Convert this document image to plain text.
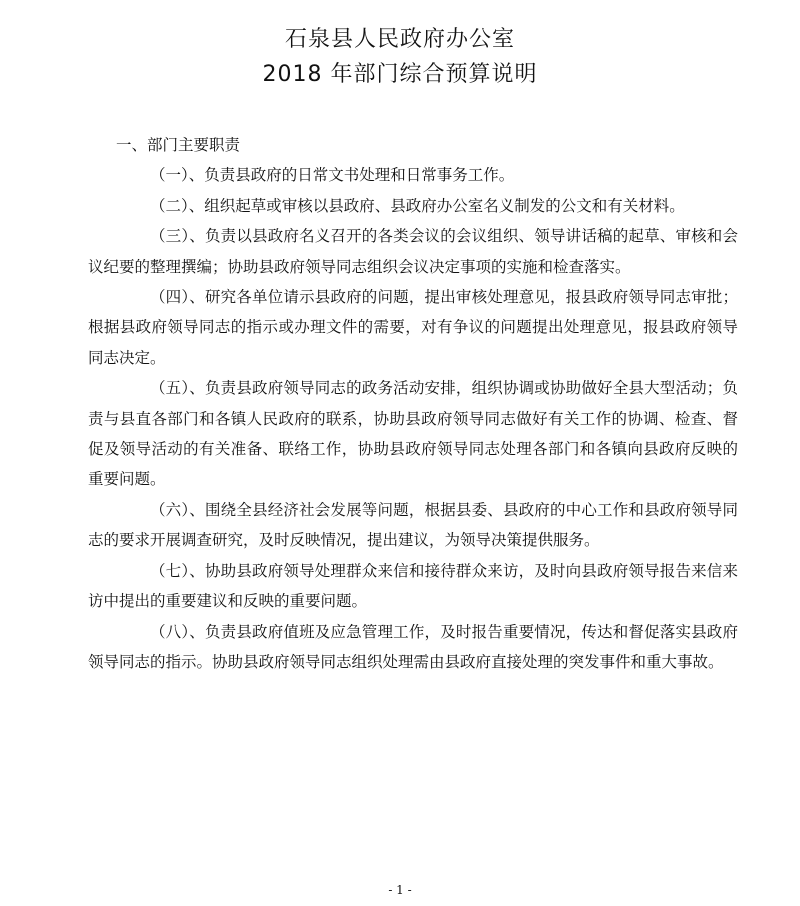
石泉县人民政府办公室
2018 年部门综合预算说明

一、部门主要职责

（一）、负责县政府的日常文书处理和日常事务工作。

（二）、组织起草或审核以县政府、县政府办公室名义制发的公文和有关材料。

（三）、负责以县政府名义召开的各类会议的会议组织、领导讲话稿的起草、审核和会议纪要的整理撰编；协助县政府领导同志组织会议决定事项的实施和检查落实。

（四）、研究各单位请示县政府的问题，提出审核处理意见，报县政府领导同志审批；根据县政府领导同志的指示或办理文件的需要，对有争议的问题提出处理意见，报县政府领导同志决定。

（五）、负责县政府领导同志的政务活动安排，组织协调或协助做好全县大型活动；负责与县直各部门和各镇人民政府的联系，协助县政府领导同志做好有关工作的协调、检查、督促及领导活动的有关准备、联络工作，协助县政府领导同志处理各部门和各镇向县政府反映的重要问题。

（六）、围绕全县经济社会发展等问题，根据县委、县政府的中心工作和县政府领导同志的要求开展调查研究，及时反映情况，提出建议，为领导决策提供服务。

（七）、协助县政府领导处理群众来信和接待群众来访，及时向县政府领导报告来信来访中提出的重要建议和反映的重要问题。

（八）、负责县政府值班及应急管理工作，及时报告重要情况，传达和督促落实县政府领导同志的指示。协助县政府领导同志组织处理需由县政府直接处理的突发事件和重大事故。

- 1 -
